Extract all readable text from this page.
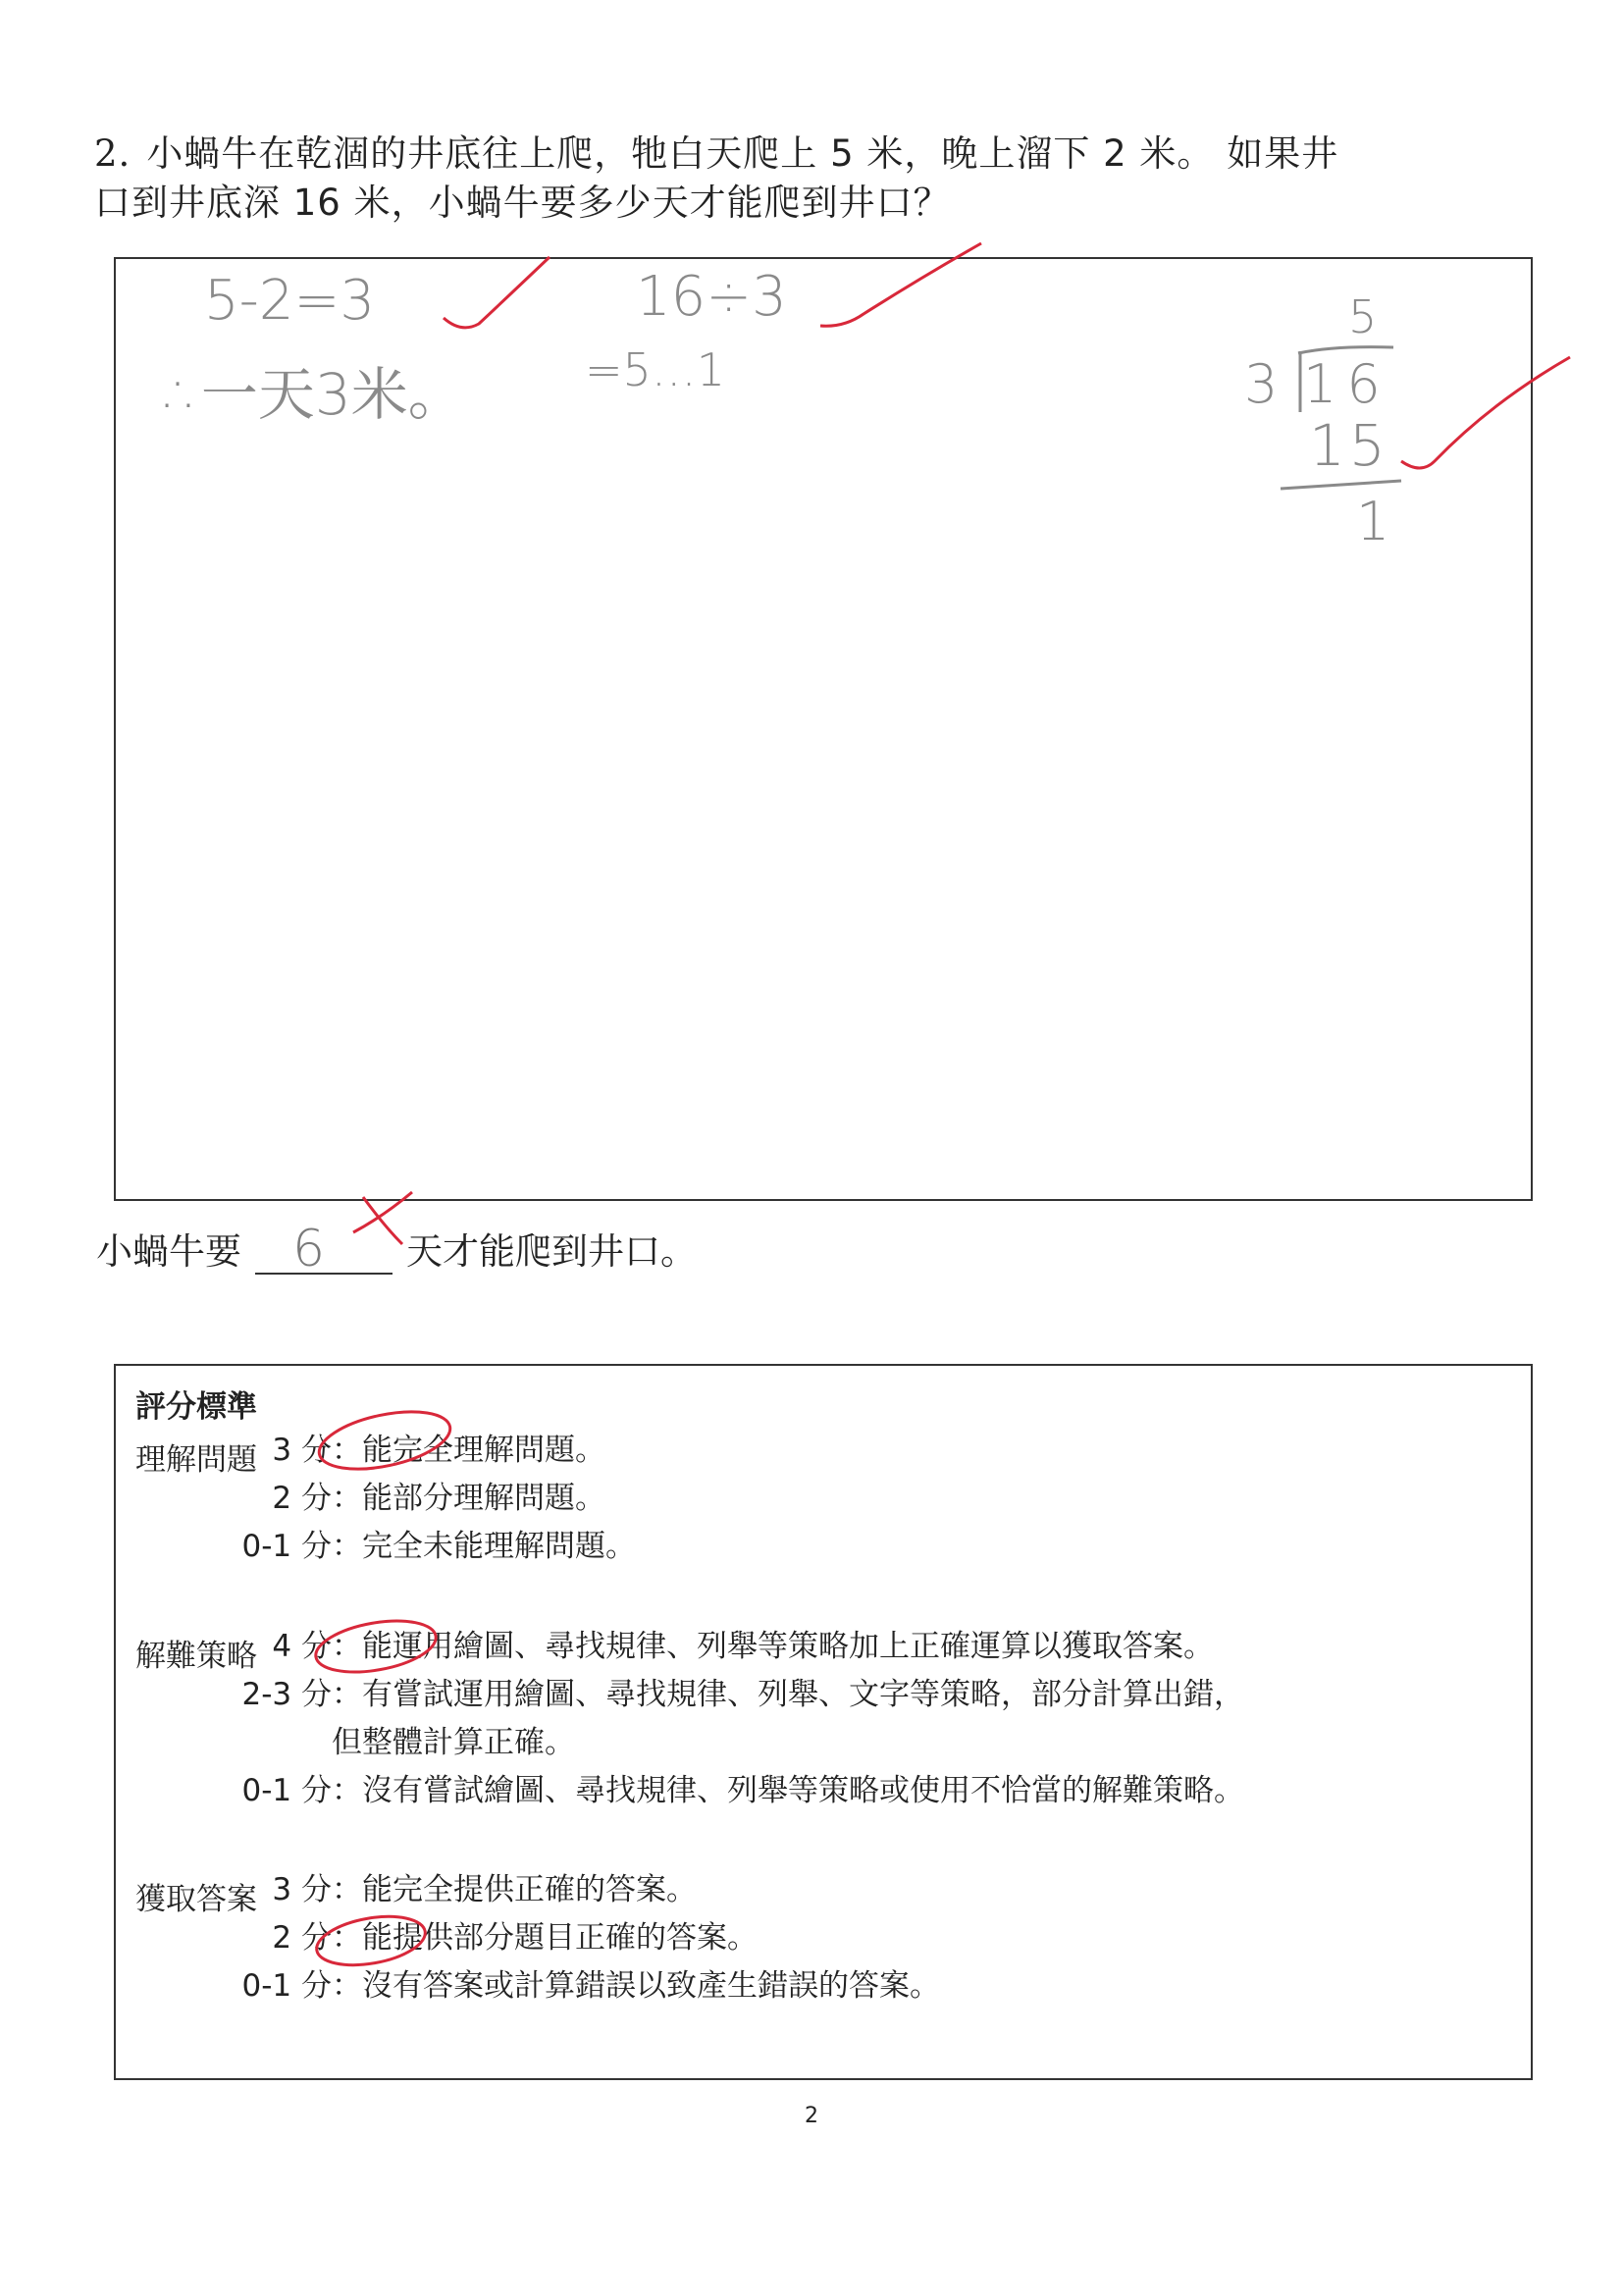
2. 小蝸牛在乾涸的井底往上爬，牠白天爬上 5 米，晚上溜下 2 米。 如果井
口到井底深 16 米，小蝸牛要多少天才能爬到井口？
5-2=3
∴一天3米。
16÷3
=5…1
5
3 16
15
1
小蝸牛要 6 天才能爬到井口。
評分標準
理解問題 3 分：能完全理解問題。
2 分：能部分理解問題。
0-1 分：完全未能理解問題。
解難策略 4 分：能運用繪圖、尋找規律、列舉等策略加上正確運算以獲取答案。
2-3 分：有嘗試運用繪圖、尋找規律、列舉、文字等策略，部分計算出錯，
但整體計算正確。
0-1 分：沒有嘗試繪圖、尋找規律、列舉等策略或使用不恰當的解難策略。
獲取答案 3 分：能完全提供正確的答案。
2 分：能提供部分題目正確的答案。
0-1 分：沒有答案或計算錯誤以致產生錯誤的答案。
2
